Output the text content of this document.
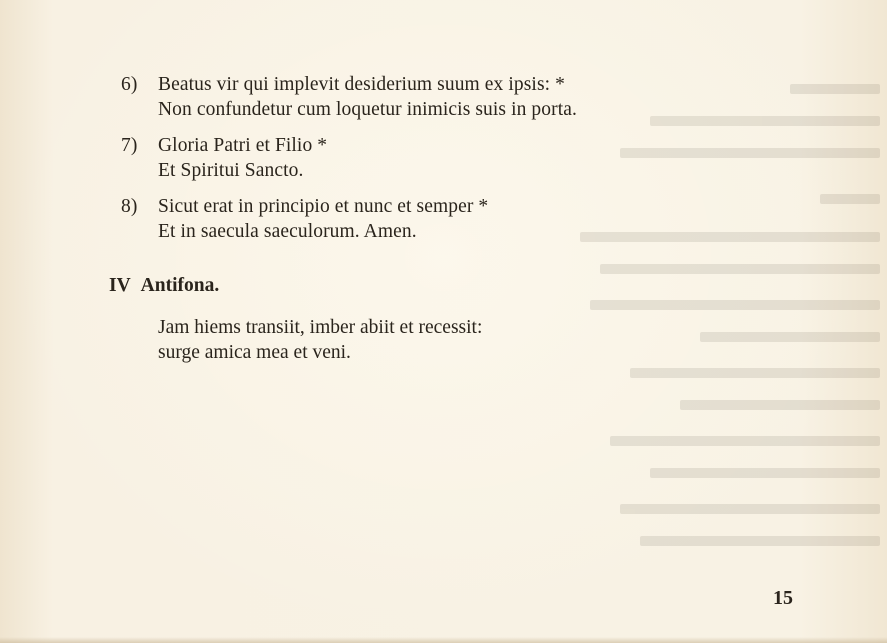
6)	Beatus vir qui implevit desiderium suum ex ipsis: *
Non confundetur cum loquetur inimicis suis in porta.
7)	Gloria Patri et Filio *
Et Spiritui Sancto.
8)	Sicut erat in principio et nunc et semper *
Et in saecula saeculorum. Amen.
IV Antifona.
Jam hiems transiit, imber abiit et recessit:
surge amica mea et veni.
15
